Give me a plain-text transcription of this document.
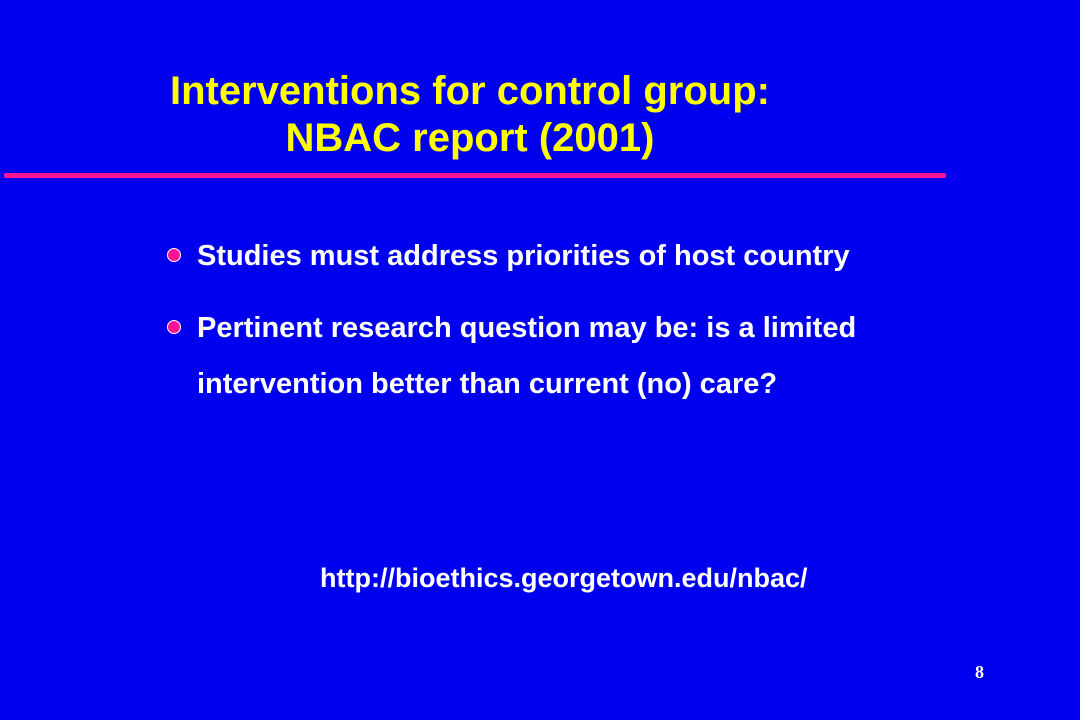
Interventions for control group:
NBAC report (2001)
Studies must address priorities of host country
Pertinent research question may be: is a limited intervention better than current (no) care?
http://bioethics.georgetown.edu/nbac/
8
